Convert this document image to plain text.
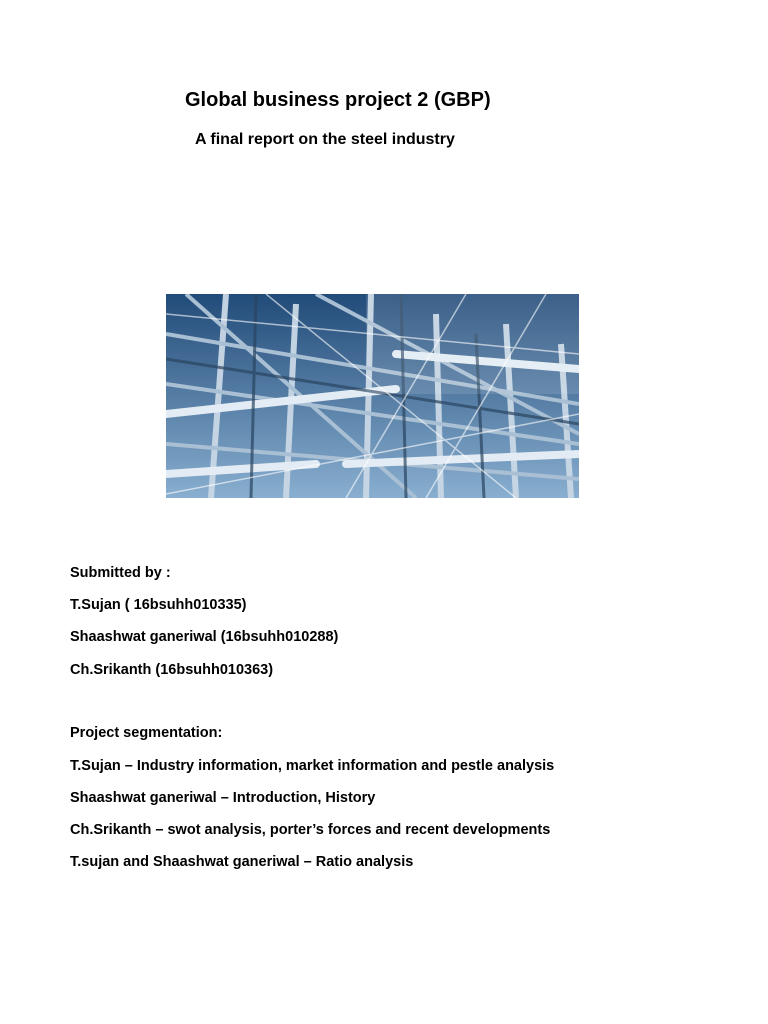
Global business project 2 (GBP)
A final report on the steel industry
Submitted by :
T.Sujan ( 16bsuhh010335)
Shaashwat ganeriwal (16bsuhh010288)
Ch.Srikanth (16bsuhh010363)
Project segmentation:
T.Sujan – Industry information, market information and pestle analysis
Shaashwat ganeriwal – Introduction, History
Ch.Srikanth – swot analysis, porter’s forces and recent developments
T.sujan and Shaashwat ganeriwal – Ratio analysis
